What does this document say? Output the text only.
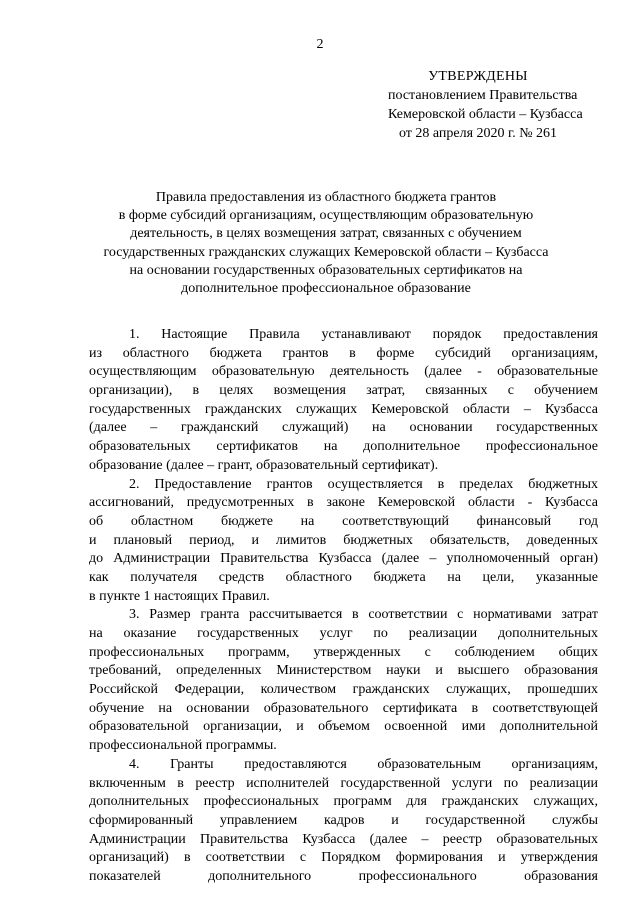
2
УТВЕРЖДЕНЫ
постановлением Правительства
Кемеровской области – Кузбасса
от 28 апреля 2020 г. № 261
Правила предоставления из областного бюджета грантов
в форме субсидий организациям, осуществляющим образовательную
деятельность, в целях возмещения затрат, связанных с обучением
государственных гражданских служащих Кемеровской области – Кузбасса
на основании государственных образовательных сертификатов на
дополнительное профессиональное образование
1. Настоящие Правила устанавливают порядок предоставления
из областного бюджета грантов в форме субсидий организациям,
осуществляющим образовательную деятельность (далее - образовательные
организации), в целях возмещения затрат, связанных с обучением
государственных гражданских служащих Кемеровской области – Кузбасса
(далее – гражданский служащий) на основании государственных
образовательных сертификатов на дополнительное профессиональное
образование (далее – грант, образовательный сертификат).
2. Предоставление грантов осуществляется в пределах бюджетных
ассигнований, предусмотренных в законе Кемеровской области - Кузбасса
об областном бюджете на соответствующий финансовый год
и плановый период, и лимитов бюджетных обязательств, доведенных
до Администрации Правительства Кузбасса (далее – уполномоченный орган)
как получателя средств областного бюджета на цели, указанные
в пункте 1 настоящих Правил.
3. Размер гранта рассчитывается в соответствии с нормативами затрат
на оказание государственных услуг по реализации дополнительных
профессиональных программ, утвержденных с соблюдением общих
требований, определенных Министерством науки и высшего образования
Российской Федерации, количеством гражданских служащих, прошедших
обучение на основании образовательного сертификата в соответствующей
образовательной организации, и объемом освоенной ими дополнительной
профессиональной программы.
4. Гранты предоставляются образовательным организациям,
включенным в реестр исполнителей государственной услуги по реализации
дополнительных профессиональных программ для гражданских служащих,
сформированный управлением кадров и государственной службы
Администрации Правительства Кузбасса (далее – реестр образовательных
организаций) в соответствии с Порядком формирования и утверждения
показателей дополнительного профессионального образования
